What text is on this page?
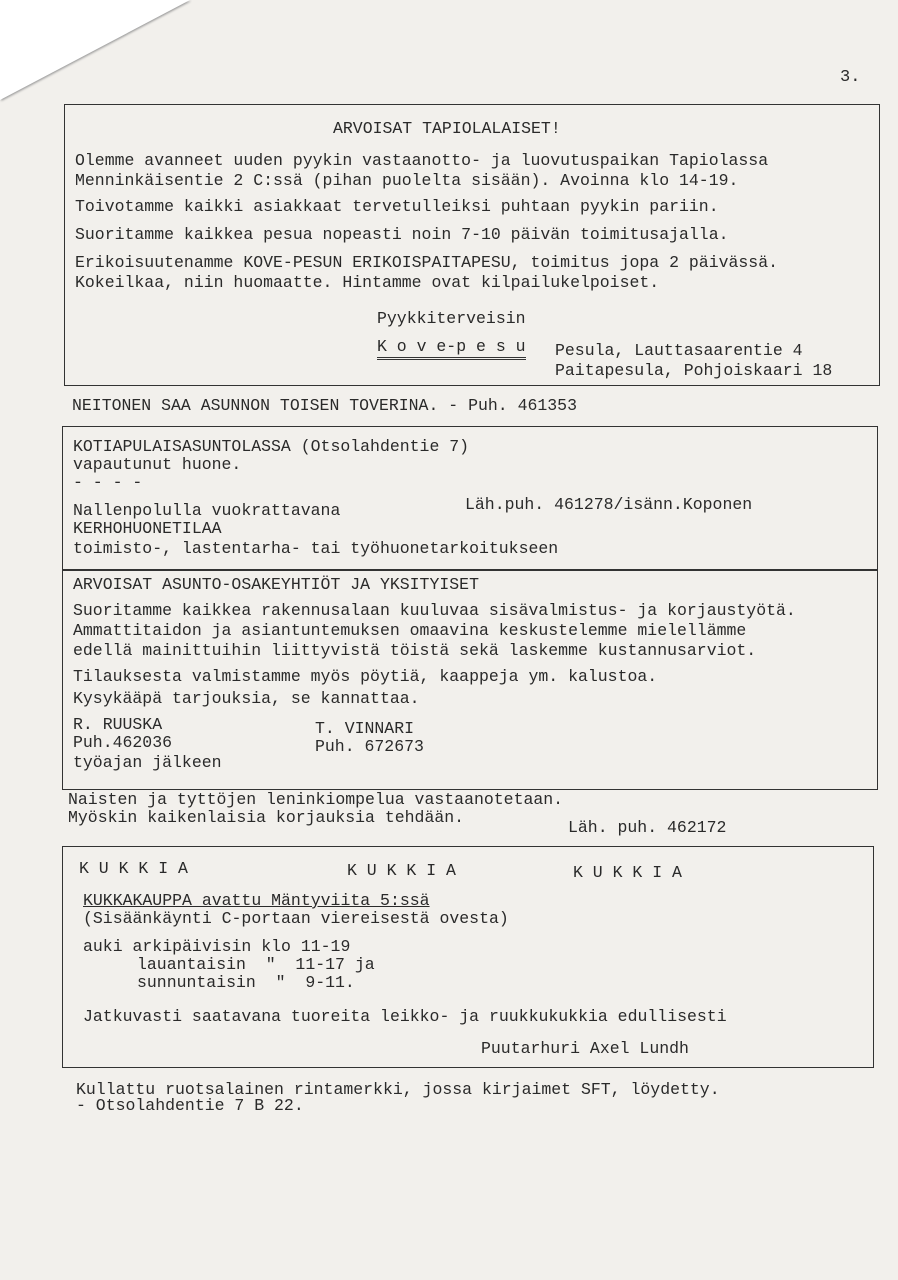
3.
ARVOISAT TAPIOLALAISET!
Olemme avanneet uuden pyykin vastaanotto- ja luovutuspaikan Tapiolassa
Menninkäisentie 2 C:ssä (pihan puolelta sisään). Avoinna klo 14-19.
Toivotamme kaikki asiakkaat tervetulleiksi puhtaan pyykin pariin.
Suoritamme kaikkea pesua nopeasti noin 7-10 päivän toimitusajalla.
Erikoisuutenamme KOVE-PESUN ERIKOISPAITAPESU, toimitus jopa 2 päivässä.
Kokeilkaa, niin huomaatte. Hintamme ovat kilpailukelpoiset.
Pyykkiterveisin
K o v e-p e s u Pesula, Lauttasaarentie 4
Paitapesula, Pohjoiskaari 18
NEITONEN SAA ASUNNON TOISEN TOVERINA. - Puh. 461353
KOTIAPULAISASUNTOLASSA (Otsolahdentie 7)
vapautunut huone.
- - - -
Nallenpolulla vuokrattavana	Läh.puh. 461278/isänn.Koponen
KERHOHUONETILAA
toimisto-, lastentarha- tai työhuonetarkoitukseen
ARVOISAT ASUNTO-OSAKEYHTIÖT JA YKSITYISET
Suoritamme kaikkea rakennusalaan kuuluvaa sisävalmistus- ja korjaustyötä.
Ammattitaidon ja asiantuntemuksen omaavina keskustelemme mielellämme
edellä mainittuihin liittyvistä töistä sekä laskemme kustannusarviot.
Tilauksesta valmistamme myös pöytiä, kaappeja ym. kalustoa.
Kysykääpä tarjouksia, se kannattaa.
R. RUUSKA
Puh.462036
työajan jälkeen
T. VINNARI
Puh. 672673
Naisten ja tyttöjen leninkiompelua vastaanotetaan.
Myöskin kaikenlaisia korjauksia tehdään.
Läh. puh. 462172
K U K K I A	K U K K I A	K U K K I A
KUKKAKAUPPA avattu Mäntyviita 5:ssä
(Sisäänkäynti C-portaan viereisestä ovesta)
auki arkipäivisin klo 11-19
lauantaisin  "  11-17 ja
sunnuntaisin  "  9-11.
Jatkuvasti saatavana tuoreita leikko- ja ruukkukukkia edullisesti
Puutarhuri Axel Lundh
Kullattu ruotsalainen rintamerkki, jossa kirjaimet SFT, löydetty.
- Otsolahdentie 7 B 22.
